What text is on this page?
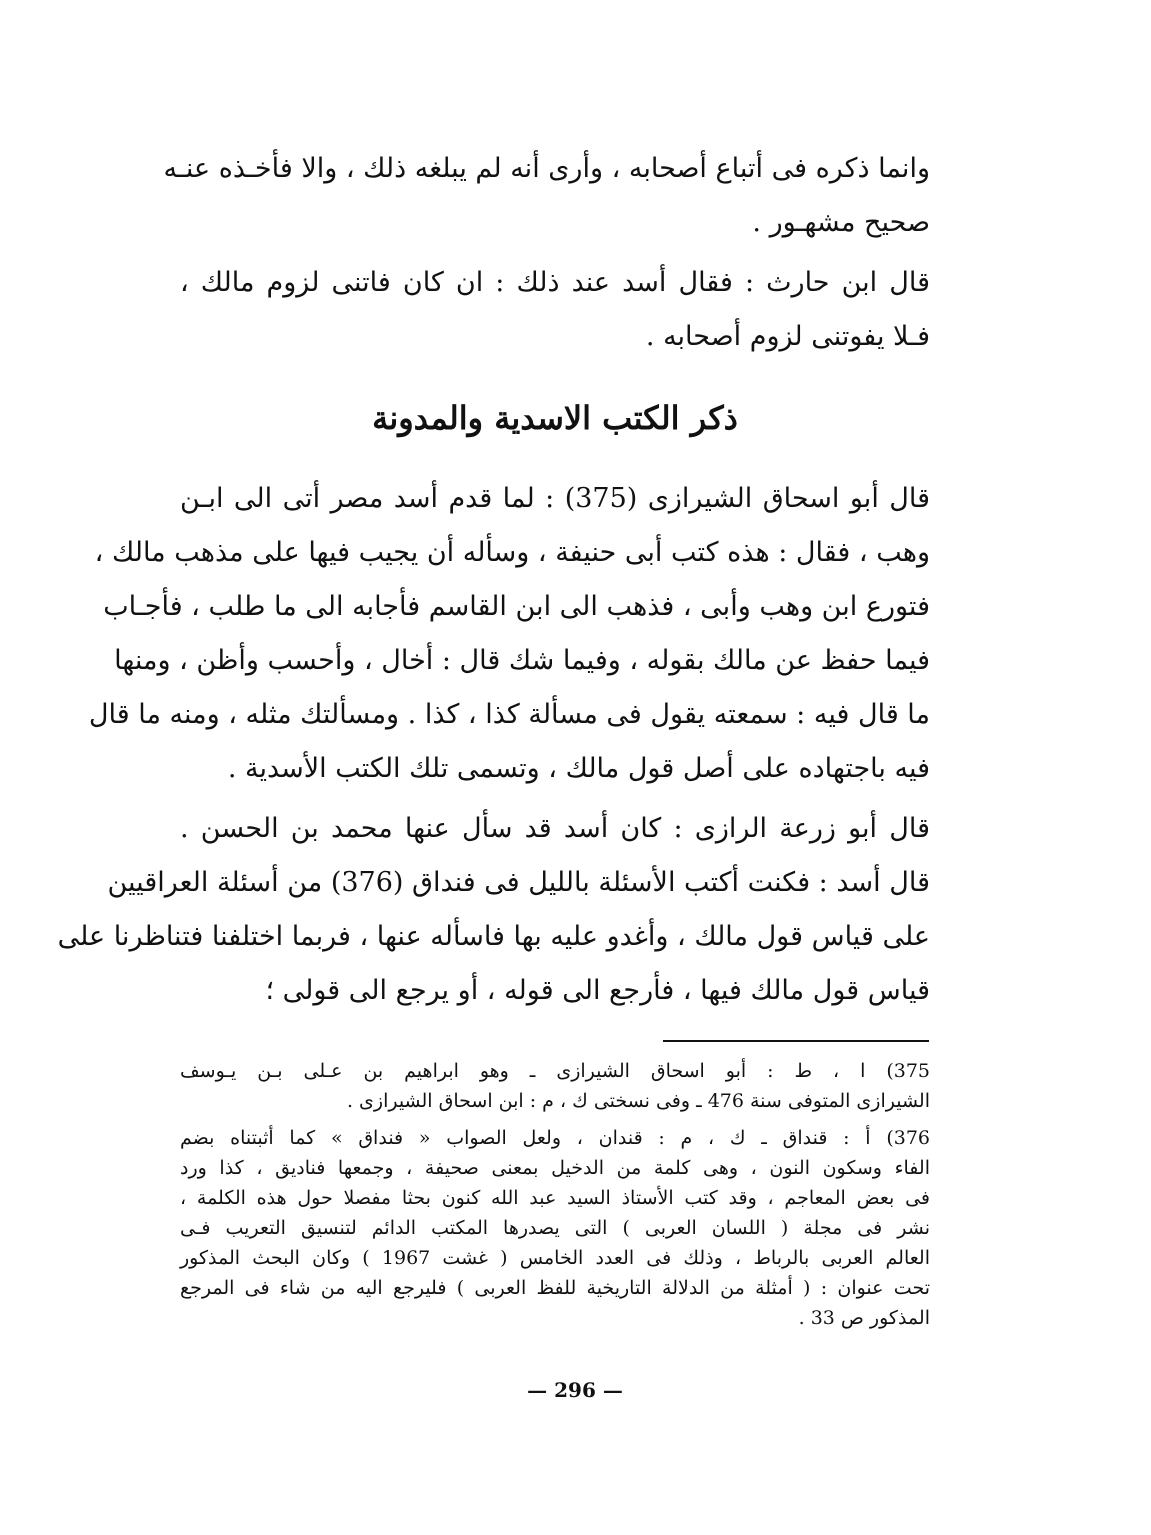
وانما ذكره فى أتباع أصحابه ، وأرى أنه لم يبلغه ذلك ، والا فأخـذه عنـه
صحيح مشهـور .
قال ابن حارث : فقال أسد عند ذلك : ان كان فاتنى لزوم مالك ،
فـلا يفوتنى لزوم أصحابه .
ذكر الكتب الاسدية والمدونة
قال أبو اسحاق الشيرازى (375) : لما قدم أسد مصر أتى الى ابـن
وهب ، فقال : هذه كتب أبى حنيفة ، وسأله أن يجيب فيها على مذهب مالك ،
فتورع ابن وهب وأبى ، فذهب الى ابن القاسم فأجابه الى ما طلب ، فأجـاب
فيما حفظ عن مالك بقوله ، وفيما شك قال : أخال ، وأحسب وأظن ، ومنها
ما قال فيه : سمعته يقول فى مسألة كذا ، كذا . ومسألتك مثله ، ومنه ما قال
فيه باجتهاده على أصل قول مالك ، وتسمى تلك الكتب الأسدية .
قال أبو زرعة الرازى : كان أسد قد سأل عنها محمد بن الحسن .
قال أسد : فكنت أكتب الأسئلة بالليل فى فنداق (376) من أسئلة العراقيين
على قياس قول مالك ، وأغدو عليه بها فاسأله عنها ، فربما اختلفنا فتناظرنا على
قياس قول مالك فيها ، فأرجع الى قوله ، أو يرجع الى قولى ؛
375) ا ، ط : أبو اسحاق الشيرازى ـ وهو ابراهيم بن عـلى بـن يـوسف
الشيرازى المتوفى سنة 476 ـ وفى نسختى ك ، م : ابن اسحاق الشيرازى .
376) أ : قنداق ـ ك ، م : قندان ، ولعل الصواب « فنداق » كما أثبتناه بضم
الفاء وسكون النون ، وهى كلمة من الدخيل بمعنى صحيفة ، وجمعها فناديق ، كذا ورد
فى بعض المعاجم ، وقد كتب الأستاذ السيد عبد الله كنون بحثا مفصلا حول هذه الكلمة ،
نشر فى مجلة ( اللسان العربى ) التى يصدرها المكتب الدائم لتنسيق التعريب فـى
العالم العربى بالرباط ، وذلك فى العدد الخامس ( غشت 1967 ) وكان البحث المذكور
تحت عنوان : ( أمثلة من الدلالة التاريخية للفظ العربى ) فليرجع اليه من شاء فى المرجع
المذكور ص 33 .
— 296 —
